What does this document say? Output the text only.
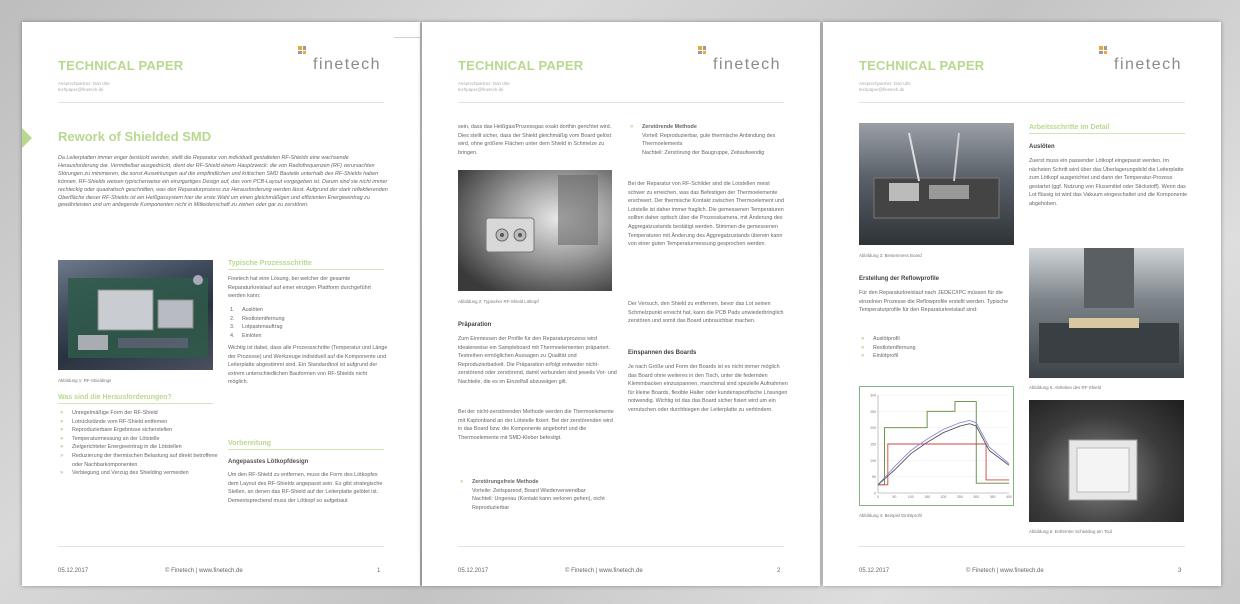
TECHNICAL PAPER
Ansprechpartner: Dan Ulle
techpaper@finetech.de
finetech
Rework of Shielded SMD
Da Leiterplatten immer enger bestückt werden, stellt die Reparatur von individuell gestalteten RF-Shields eine wachsende Herausforderung dar. Vermittelbar ausgedrückt, dient der RF-Shield einem Hauptzweck: die von Radiofrequenzen (RF) verursachten Störungen zu minimieren, die sonst Auswirkungen auf die empfindlichen und kritischen SMD Bauteile unterhalb des RF-Shields haben können. RF-Shields weisen typischerweise ein einzigartiges Design auf, das vom PCB-Layout vorgegeben ist. Darum sind sie nicht immer rechteckig oder quadratisch geschnitten, was den Reparaturprozess zur Herausforderung werden lässt. Aufgrund der stark reflektierenden Oberfläche dieser RF-Shields ist ein Heißgassystem hier die erste Wahl um einen gleichmäßigen und effizienten Energieeintrag zu gewährleisten und um anliegende Komponenten nicht in Mitleidenschaft zu ziehen oder gar zu zerstören.
Abbildung 1: RF-Shieldings
Was sind die Herausforderungen?
» Unregelmäßige Form der RF-Shield
» Lotrückstände vom RF-Shield entfernen
» Reproduzierbare Ergebnisse sicherstellen
» Temperaturmessung an der Lötstelle
» Zielgerichteter Energieeintrag in die Lötstellen
» Reduzierung der thermischen Belastung auf direkt betroffene oder Nachbarkomponenten
» Verbiegung und Verzug des Shielding vermeiden
Typische Prozessschritte
Finetech hat eine Lösung, bei welcher der gesamte Reparaturkreislauf auf einer einzigen Plattform durchgeführt werden kann:
1. Auslöten
2. Restlotentfernung
3. Lotpastenauftrag
4. Einlöten
Wichtig ist dabei, dass alle Prozessschritte (Temperatur und Länge der Prozesse) und Werkzeuge individuell auf die Komponente und Leiterplatte abgestimmt sind. Ein Standardtool ist aufgrund der extrem unterschiedlichen Bauformen von RF-Shields nicht möglich.
Vorbereitung
Angepasstes Lötkopfdesign
Um den RF-Shield zu entfernen, muss die Form des Lötkopfes dem Layout des RF-Shields angepasst sein. Es gibt strategische Stellen, an denen das RF-Shield auf der Leiterplatte gelötet ist. Dementsprechend muss der Lötkopf so aufgebaut
05.12.2017	© Finetech | www.finetech.de	1
TECHNICAL PAPER
Ansprechpartner: Dan Ulle
techpaper@finetech.de
finetech
sein, dass das Heißgas/Prozessgas exakt dorthin gerichtet wird. Dies stellt sicher, dass der Shield gleichmäßig vom Board gelöst wird, ohne größere Flächen unter dem Shield in Schmelze zu bringen.
Abbildung 2: Typischer RF-Shield Lötkopf
Präparation
Zum Einmessen der Profile für den Reparaturprozess wird idealerweise ein Sampleboard mit Thermoelementen präpariert. Testreihen ermöglichen Aussagen zu Qualität und Reproduzierbarkeit. Die Präparation erfolgt entweder nicht-zerstörend oder zerstörend, damit verbunden sind jeweils Vor- und Nachteile, die es im Einzelfall abzuwägen gilt.
Bei der nicht-zerstörenden Methode werden die Thermoelemente mit Kaptonband an der Lötstelle fixiert. Bei der zerstörenden wird in das Board bzw. die Komponente angebohrt und die Thermoelemente mit SMD-Kleber befestigt.
» Zerstörungsfreie Methode
Vorteile: Zeitsparend, Board Wiederverwendbar
Nachteil: Ungenau (Kontakt kann verloren gehen), nicht Reproduzierbar
» Zerstörende Methode
Vorteil: Reproduzierbar, gute thermische Anbindung des Thermoelements
Nachteil: Zerstörung der Baugruppe, Zeitaufwendig
Bei der Reparatur von RF-Schilder sind die Lotstellen meist schwer zu erreichen, was das Befestigen der Thermoelemente erschwert. Der thermische Kontakt zwischen Thermoelement und Lotstelle ist daher immer fraglich. Die gemessenen Temperaturen sollten daher optisch über die Prozesskamera, mit Änderung des Aggregatzustands bestätigt werden. Stimmen die gemessenen Temperaturen mit Änderung des Aggregatzustands überein kann von einer guten Temperaturmessung gesprochen werden.
Der Versuch, den Shield zu entfernen, bevor das Lot seinen Schmelzpunkt erreicht hat, kann die PCB Pads unwiederbringlich zerstören und somit das Board unbrauchbar machen.
Einspannen des Boards
Je nach Größe und Form der Boards ist es nicht immer möglich das Board ohne weiteres in den Tisch, unter die federnden Klemmbacken einzuspannen, manchmal sind spezielle Aufnahmen für kleine Boards, flexible Halter oder kundenspezifische Lösungen notwendig. Wichtig ist das das Board sicher fixiert wird um ein verrutschen oder durchbiegen der Leiterplatte zu verhindern.
05.12.2017	© Finetech | www.finetech.de	2
TECHNICAL PAPER
Ansprechpartner: Dan Ulle
techpaper@finetech.de
finetech
Abbildung 3: Bestenmess Board
Erstellung der Reflowprofile
Für den Reparaturkreislauf nach JEDEC/IPC müssen für die einzelnen Prozesse die Reflowprofile erstellt werden. Typische Temperaturprofile für den Reparaturkreislauf sind:
» Auslötprofil
» Restlotentfernung
» Einlötprofil
0
50
100
150
200
250
300
0	50	100	150	200	250	300	350	400
Abbildung 4: Beispiel Einlötprofil
Arbeitsschritte im Detail
Auslöten
Zuerst muss ein passender Lötkopf eingepasst werden. Im nächsten Schritt wird über das Überlagerungsbild die Leiterplatte zum Lötkopf ausgerichtet und dann der Temperatur-Prozess gestartet (ggf. Nutzung von Flussmittel oder Stickstoff). Wenn das Lot flüssig ist wird das Vakuum eingeschaltet und die Komponente abgehoben.
Abbildung 5: Abheben des RF-Shield
Abbildung 6: Entfernter Schielding am Tool
05.12.2017	© Finetech | www.finetech.de	3
